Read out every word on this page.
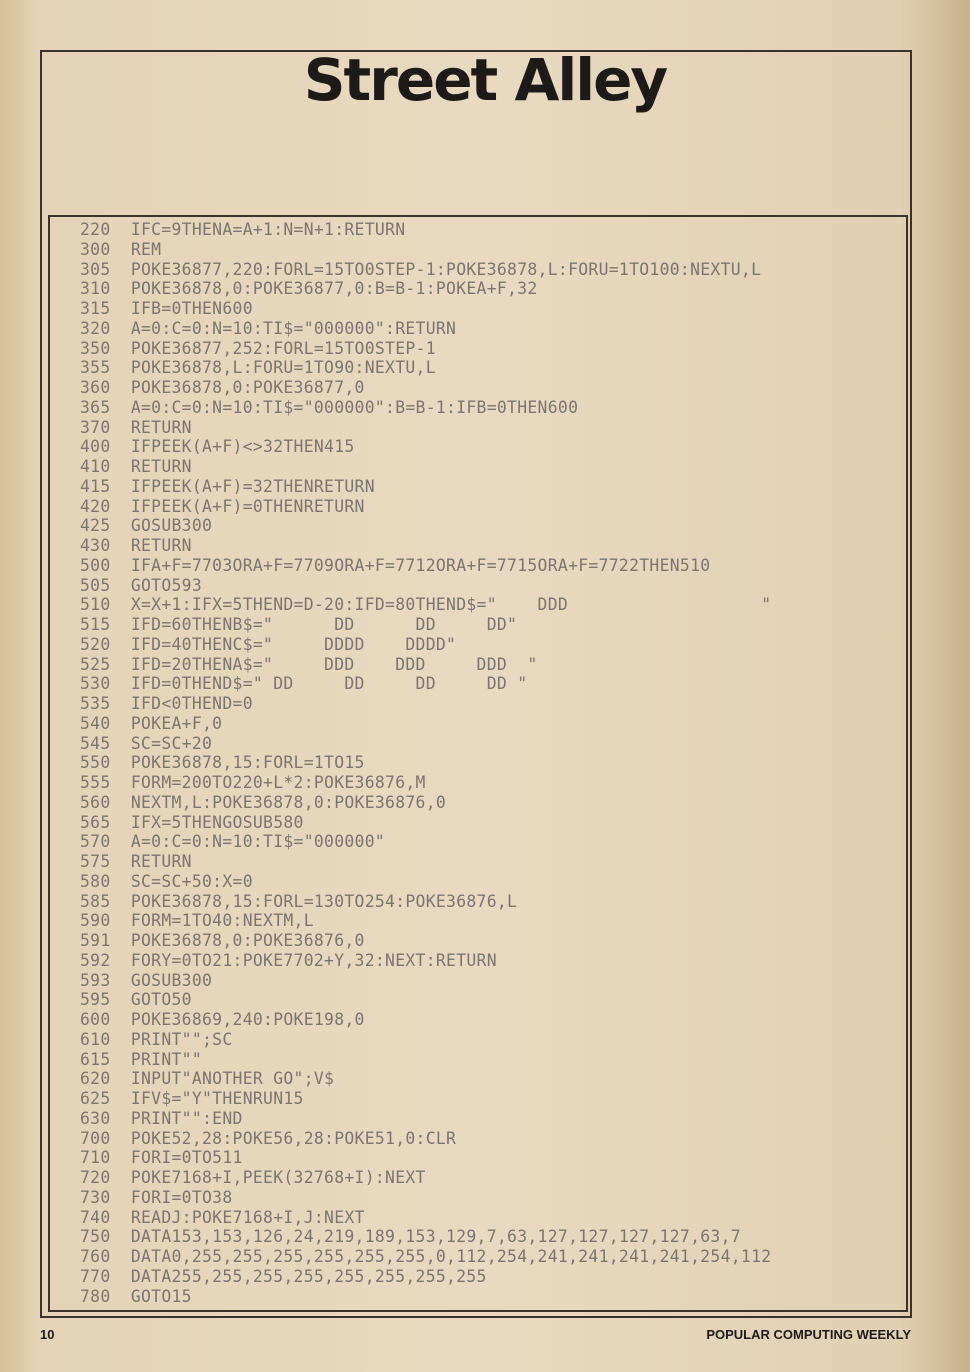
Street Alley
220  IFC=9THENA=A+1:N=N+1:RETURN
300  REM
305  POKE36877,220:FORL=15TO0STEP-1:POKE36878,L:FORU=1TO100:NEXTU,L
310  POKE36878,0:POKE36877,0:B=B-1:POKEA+F,32
315  IFB=0THEN600
320  A=0:C=0:N=10:TI$="000000":RETURN
350  POKE36877,252:FORL=15TO0STEP-1
355  POKE36878,L:FORU=1TO90:NEXTU,L
360  POKE36878,0:POKE36877,0
365  A=0:C=0:N=10:TI$="000000":B=B-1:IFB=0THEN600
370  RETURN
400  IFPEEK(A+F)<>32THEN415
410  RETURN
415  IFPEEK(A+F)=32THENRETURN
420  IFPEEK(A+F)=0THENRETURN
425  GOSUB300
430  RETURN
500  IFA+F=7703ORA+F=7709ORA+F=7712ORA+F=7715ORA+F=7722THEN510
505  GOTO593
510  X=X+1:IFX=5THEND=D-20:IFD=80THEND$="    DDD                   "
515  IFD=60THENB$="      DD      DD     DD"
520  IFD=40THENC$="     DDDD    DDDD"
525  IFD=20THENA$="     DDD    DDD     DDD  "
530  IFD=0THEND$=" DD     DD     DD     DD "
535  IFD<0THEND=0
540  POKEA+F,0
545  SC=SC+20
550  POKE36878,15:FORL=1TO15
555  FORM=200TO220+L*2:POKE36876,M
560  NEXTM,L:POKE36878,0:POKE36876,0
565  IFX=5THENGOSUB580
570  A=0:C=0:N=10:TI$="000000"
575  RETURN
580  SC=SC+50:X=0
585  POKE36878,15:FORL=130TO254:POKE36876,L
590  FORM=1TO40:NEXTM,L
591  POKE36878,0:POKE36876,0
592  FORY=0TO21:POKE7702+Y,32:NEXT:RETURN
593  GOSUB300
595  GOTO50
600  POKE36869,240:POKE198,0
610  PRINT"";SC
615  PRINT""
620  INPUT"ANOTHER GO";V$
625  IFV$="Y"THENRUN15
630  PRINT"":END
700  POKE52,28:POKE56,28:POKE51,0:CLR
710  FORI=0TO511
720  POKE7168+I,PEEK(32768+I):NEXT
730  FORI=0TO38
740  READJ:POKE7168+I,J:NEXT
750  DATA153,153,126,24,219,189,153,129,7,63,127,127,127,127,63,7
760  DATA0,255,255,255,255,255,255,0,112,254,241,241,241,241,254,112
770  DATA255,255,255,255,255,255,255,255
780  GOTO15
10	POPULAR COMPUTING WEEKLY
